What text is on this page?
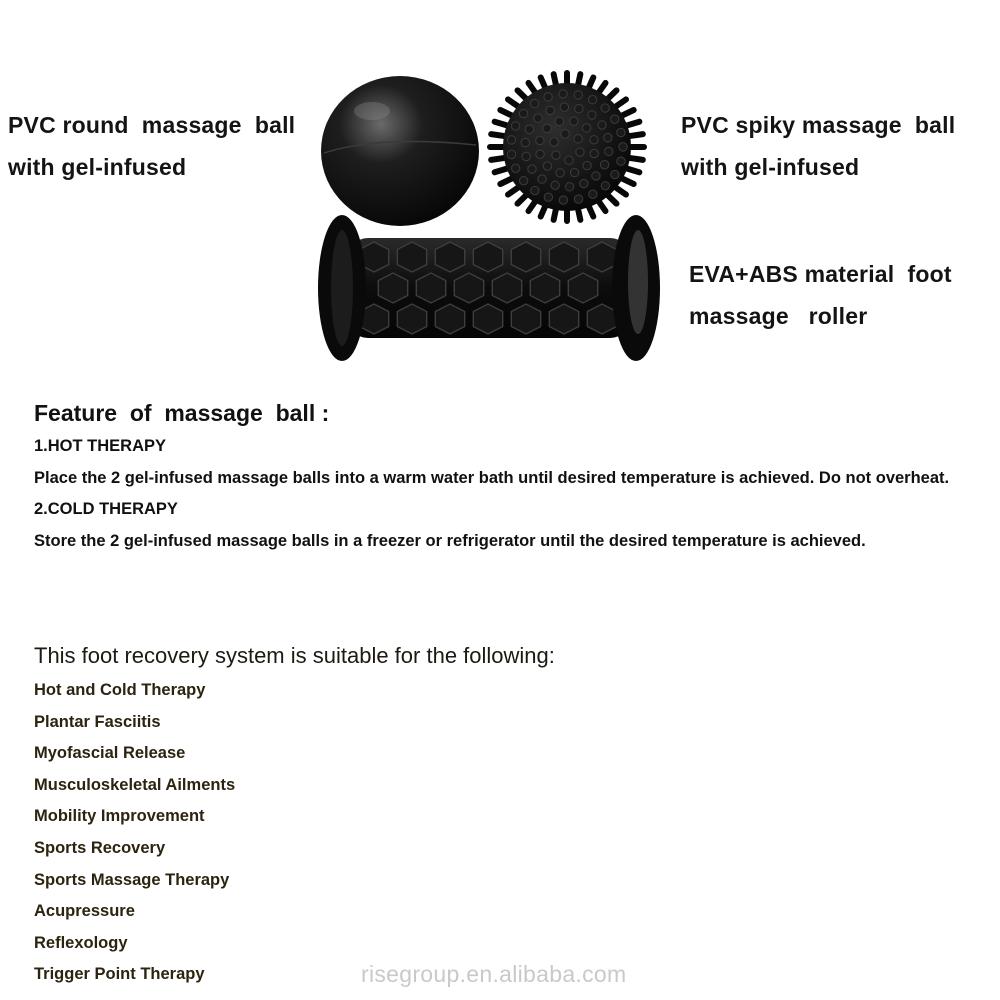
PVC round  massage  ball
with gel-infused
PVC spiky massage  ball
with gel-infused
EVA+ABS material  foot
massage   roller
Feature  of  massage  ball :
1.HOT THERAPY
Place the 2 gel-infused massage balls into a warm water bath until desired temperature is achieved. Do not overheat.
2.COLD THERAPY
Store the 2 gel-infused massage balls in a freezer or refrigerator until the desired temperature is achieved.
This foot recovery system is suitable for the following:
Hot and Cold Therapy
Plantar Fasciitis
Myofascial Release
Musculoskeletal Ailments
Mobility Improvement
Sports Recovery
Sports Massage Therapy
Acupressure
Reflexology
Trigger Point Therapy	risegroup.en.alibaba.com
